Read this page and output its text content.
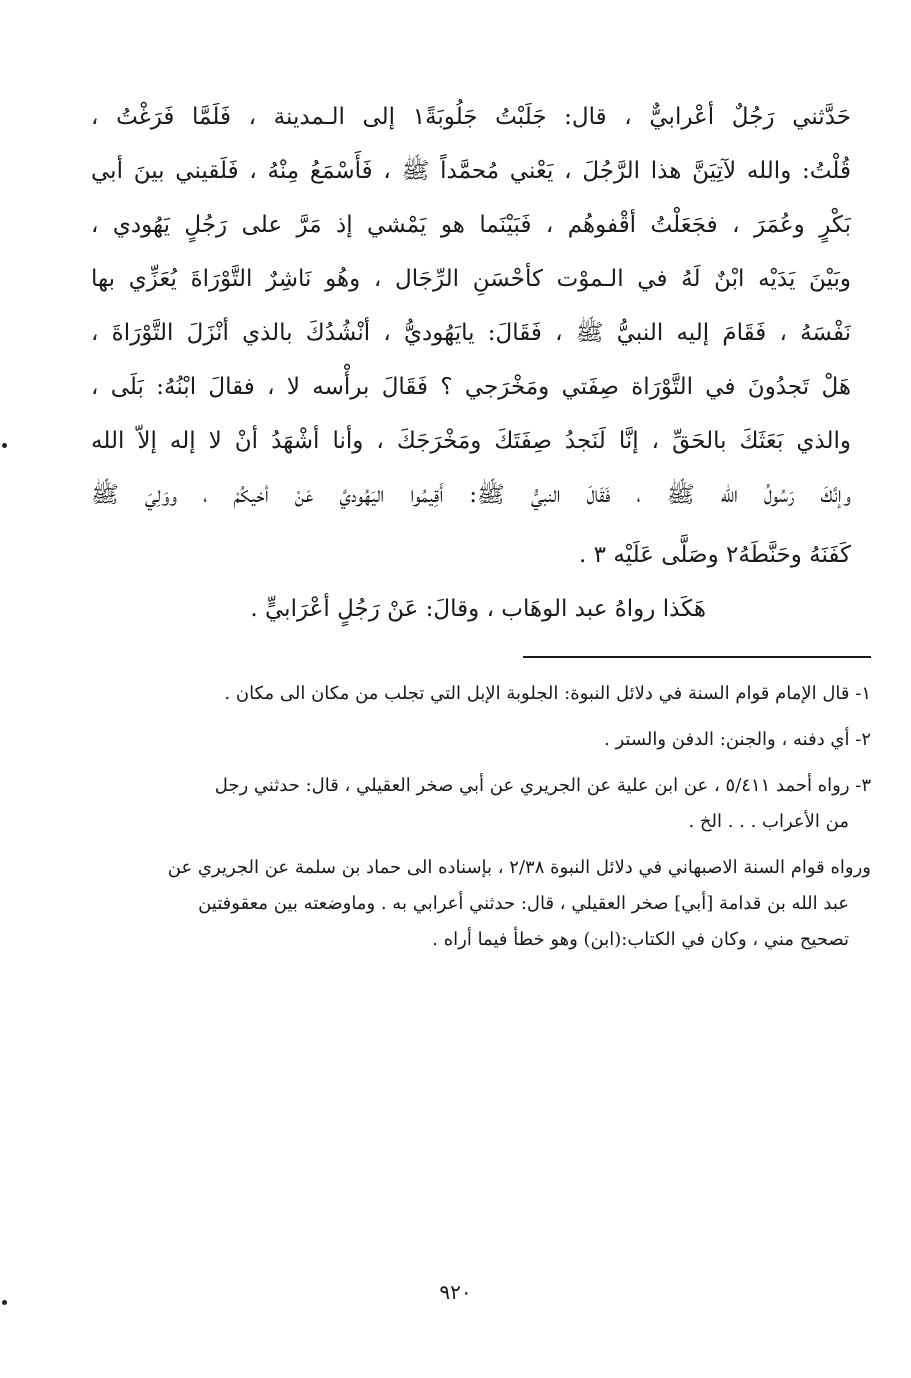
حَدَّثني رَجُلٌ أعْرابيٌّ ، قال: جَلَبْتُ جَلُوبَةً١ إلى الـمدينة ، فَلَمَّا فَرَغْتُ ،
قُلْتُ: والله لآتِيَنَّ هذا الرَّجُلَ ، يَعْني مُحمَّداً ﷺ ، فَأَسْمَعُ مِنْهُ ، فَلَقيني بينَ أبي
بَكْرٍ وعُمَرَ ، فجَعَلْتُ أقْفوهُم ، فَبَيْنَما هو يَمْشي إذ مَرَّ على رَجُلٍ يَهُودي ،
وبَيْنَ يَدَيْه ابْنٌ لَهُ في الـموْت كأحْسَنِ الرِّجَال ، وهُو نَاشِرٌ التَّوْرَاةَ يُعَزِّي بها
نَفْسَهُ ، فَقَامَ إليه النبيُّ ﷺ ، فَقَالَ: يايَهُوديُّ ، أنْشُدُكَ بالذي أنْزَلَ التَّوْرَاةَ ،
هَلْ تَجدُونَ في التَّوْرَاة صِفَتي ومَخْرَجي ؟ فَقَالَ برأْسه لا ، فقالَ ابْنُهُ: بَلَى ،
والذي بَعَثَكَ بالحَقِّ ، إنَّا لَنَجدُ صِفَتَكَ ومَخْرَجَكَ ، وأنا أشْهَدُ أنْ لا إله إلاّ الله
وإنَّكَ رَسُولُ الله ﷺ ، فَقَالَ النبيُّ ﷺ: أَقِيمُوا اليَهُوديَّ عَنْ أخيكُمْ ، ووَلِيَ ﷺ
كَفَنَهُ وحَنَّطَهُ٢ وصَلَّى عَلَيْه ٣ .
هَكَذا رواهُ عبد الوهَاب ، وقالَ: عَنْ رَجُلٍ أعْرَابيٍّ .
١- قال الإمام قوام السنة في دلائل النبوة: الجلوبة الإبل التي تجلب من مكان الى مكان .
٢- أي دفنه ، والجنن: الدفن والستر .
٣- رواه أحمد ٥/٤١١ ، عن ابن علية عن الجريري عن أبي صخر العقيلي ، قال: حدثني رجل
من الأعراب . . . الخ .
ورواه قوام السنة الاصبهاني في دلائل النبوة ٢/٣٨ ، بإسناده الى حماد بن سلمة عن الجريري عن
عبد الله بن قدامة [أبي] صخر العقيلي ، قال: حدثني أعرابي به . وماوضعته بين معقوفتين
تصحيح مني ، وكان في الكتاب:(ابن) وهو خطأ فيما أراه .
٩٢٠
